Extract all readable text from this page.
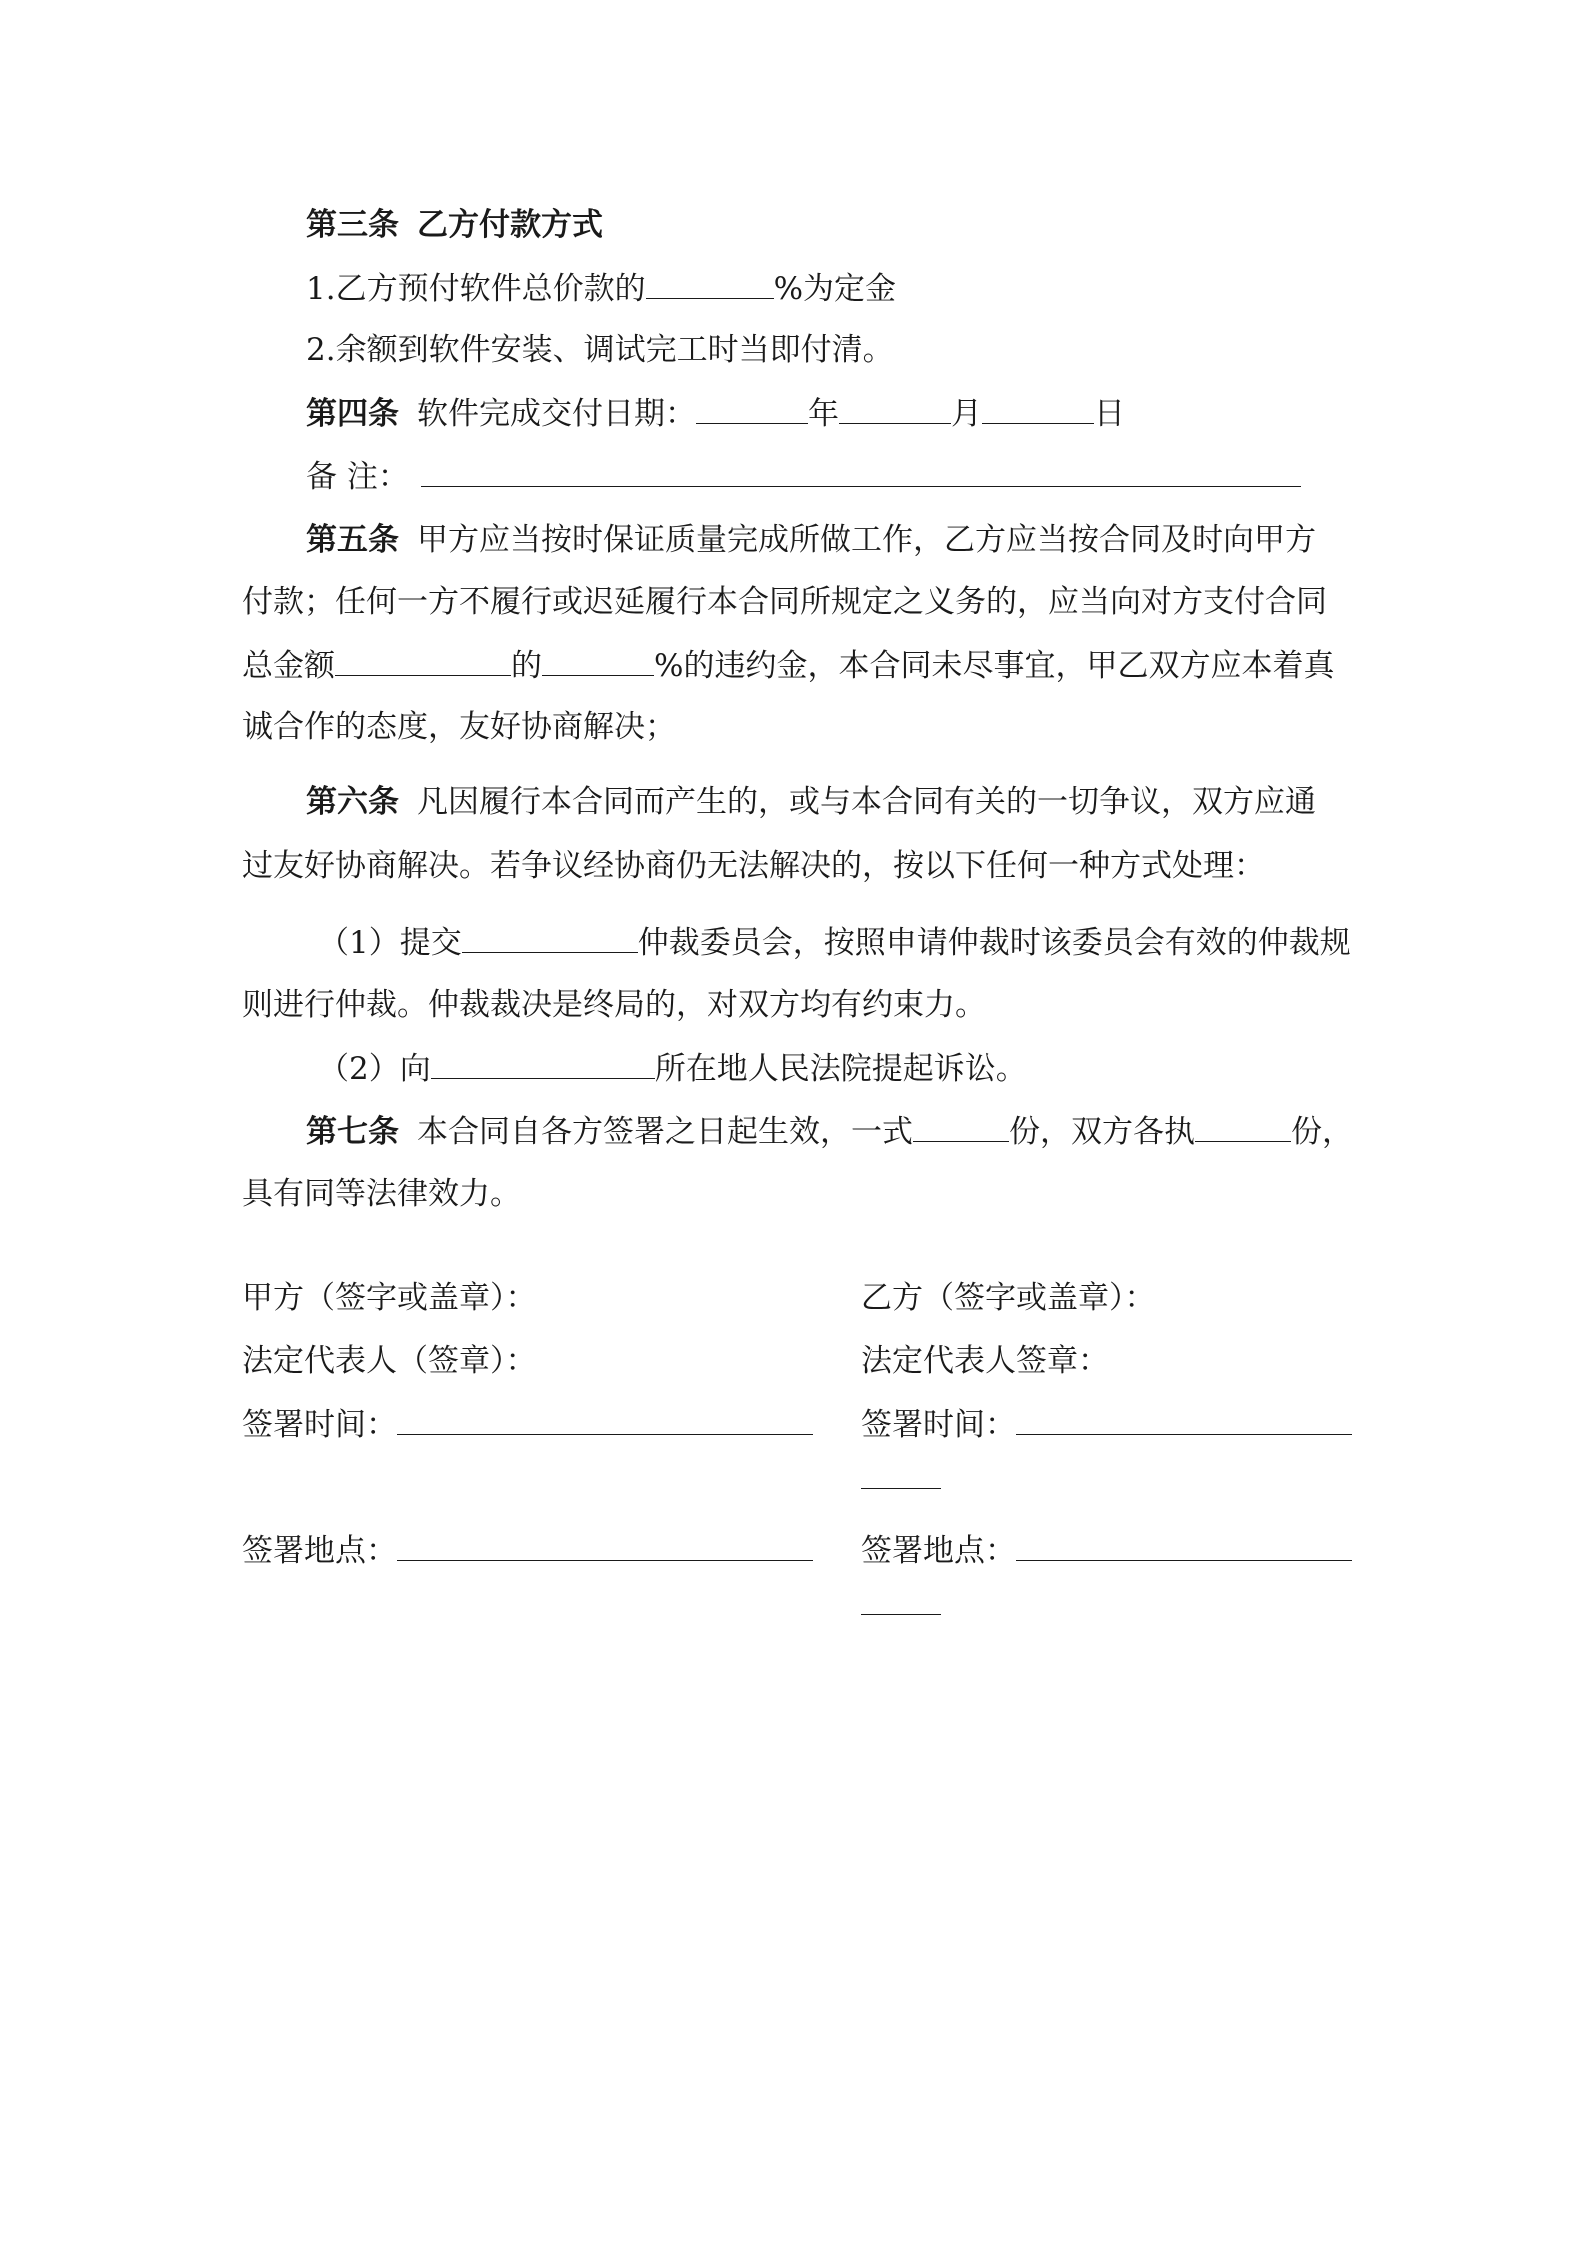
第三条 乙方付款方式
1.乙方预付软件总价款的	%为定金
2.余额到软件安装、调试完工时当即付清。
第四条 软件完成交付日期：	年	月	日
备 注：
第五条 甲方应当按时保证质量完成所做工作，乙方应当按合同及时向甲方
付款；任何一方不履行或迟延履行本合同所规定之义务的，应当向对方支付合同
总金额	的	%的违约金，本合同未尽事宜，甲乙双方应本着真
诚合作的态度，友好协商解决；
第六条 凡因履行本合同而产生的，或与本合同有关的一切争议，双方应通
过友好协商解决。若争议经协商仍无法解决的，按以下任何一种方式处理：
（1）提交	仲裁委员会，按照申请仲裁时该委员会有效的仲裁规
则进行仲裁。仲裁裁决是终局的，对双方均有约束力。
（2）向	所在地人民法院提起诉讼。
第七条 本合同自各方签署之日起生效，一式	份，双方各执	份，
具有同等法律效力。
甲方（签字或盖章）：	乙方（签字或盖章）：
法定代表人（签章）：	法定代表人签章：
签署时间：	签署时间：
签署地点：	签署地点：
